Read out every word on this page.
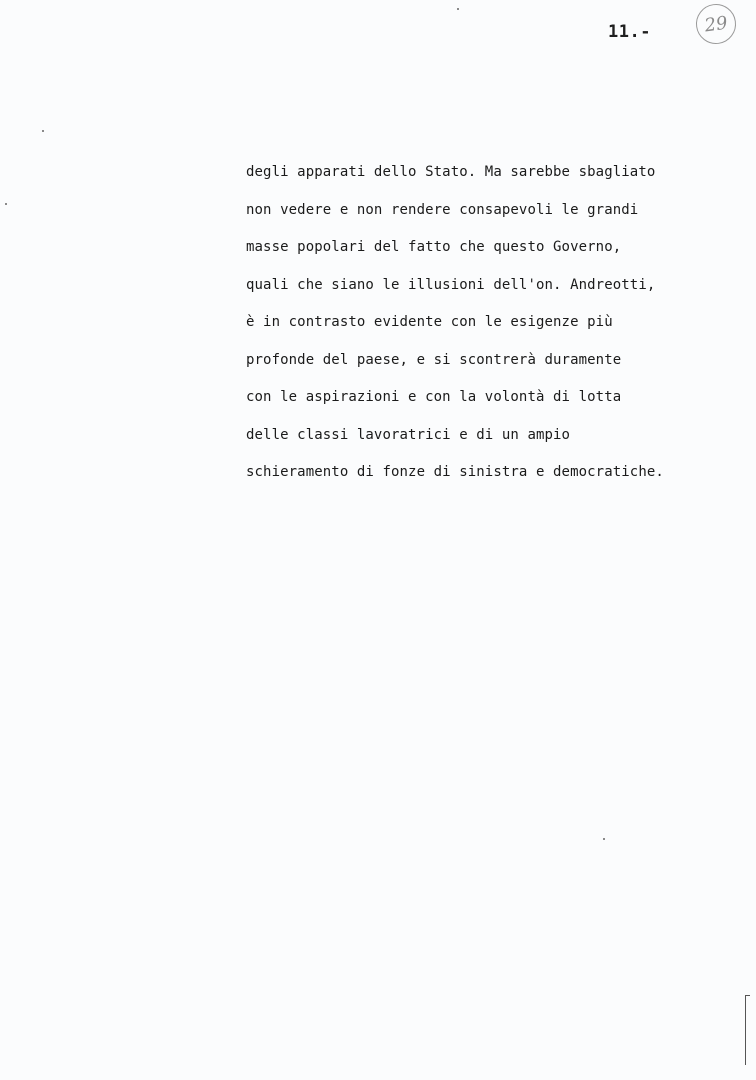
11.-	29
degli apparati dello Stato. Ma sarebbe sbagliato
non vedere e non rendere consapevoli le grandi
masse popolari del fatto che questo Governo,
quali che siano le illusioni dell'on. Andreotti,
è in contrasto evidente con le esigenze più
profonde del paese, e si scontrerà duramente
con le aspirazioni e con la volontà di lotta
delle classi lavoratrici e di un ampio
schieramento di fonze di sinistra e democratiche.
